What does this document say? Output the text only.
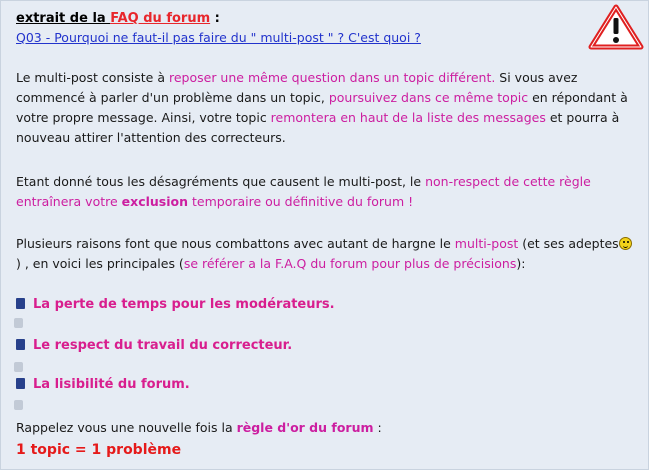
extrait de la FAQ du forum :
Q03 - Pourquoi ne faut-il pas faire du " multi-post " ? C'est quoi ?
Le multi-post consiste à reposer une même question dans un topic différent. Si vous avez commencé à parler d'un problème dans un topic, poursuivez dans ce même topic en répondant à votre propre message. Ainsi, votre topic remontera en haut de la liste des messages et pourra à nouveau attirer l'attention des correcteurs.
Etant donné tous les désagréments que causent le multi-post, le non-respect de cette règle entraînera votre exclusion temporaire ou définitive du forum !
Plusieurs raisons font que nous combattons avec autant de hargne le multi-post (et ses adeptes) , en voici les principales (se référer a la F.A.Q du forum pour plus de précisions):
La perte de temps pour les modérateurs.
Le respect du travail du correcteur.
La lisibilité du forum.
Rappelez vous une nouvelle fois la règle d'or du forum :
1 topic = 1 problème
